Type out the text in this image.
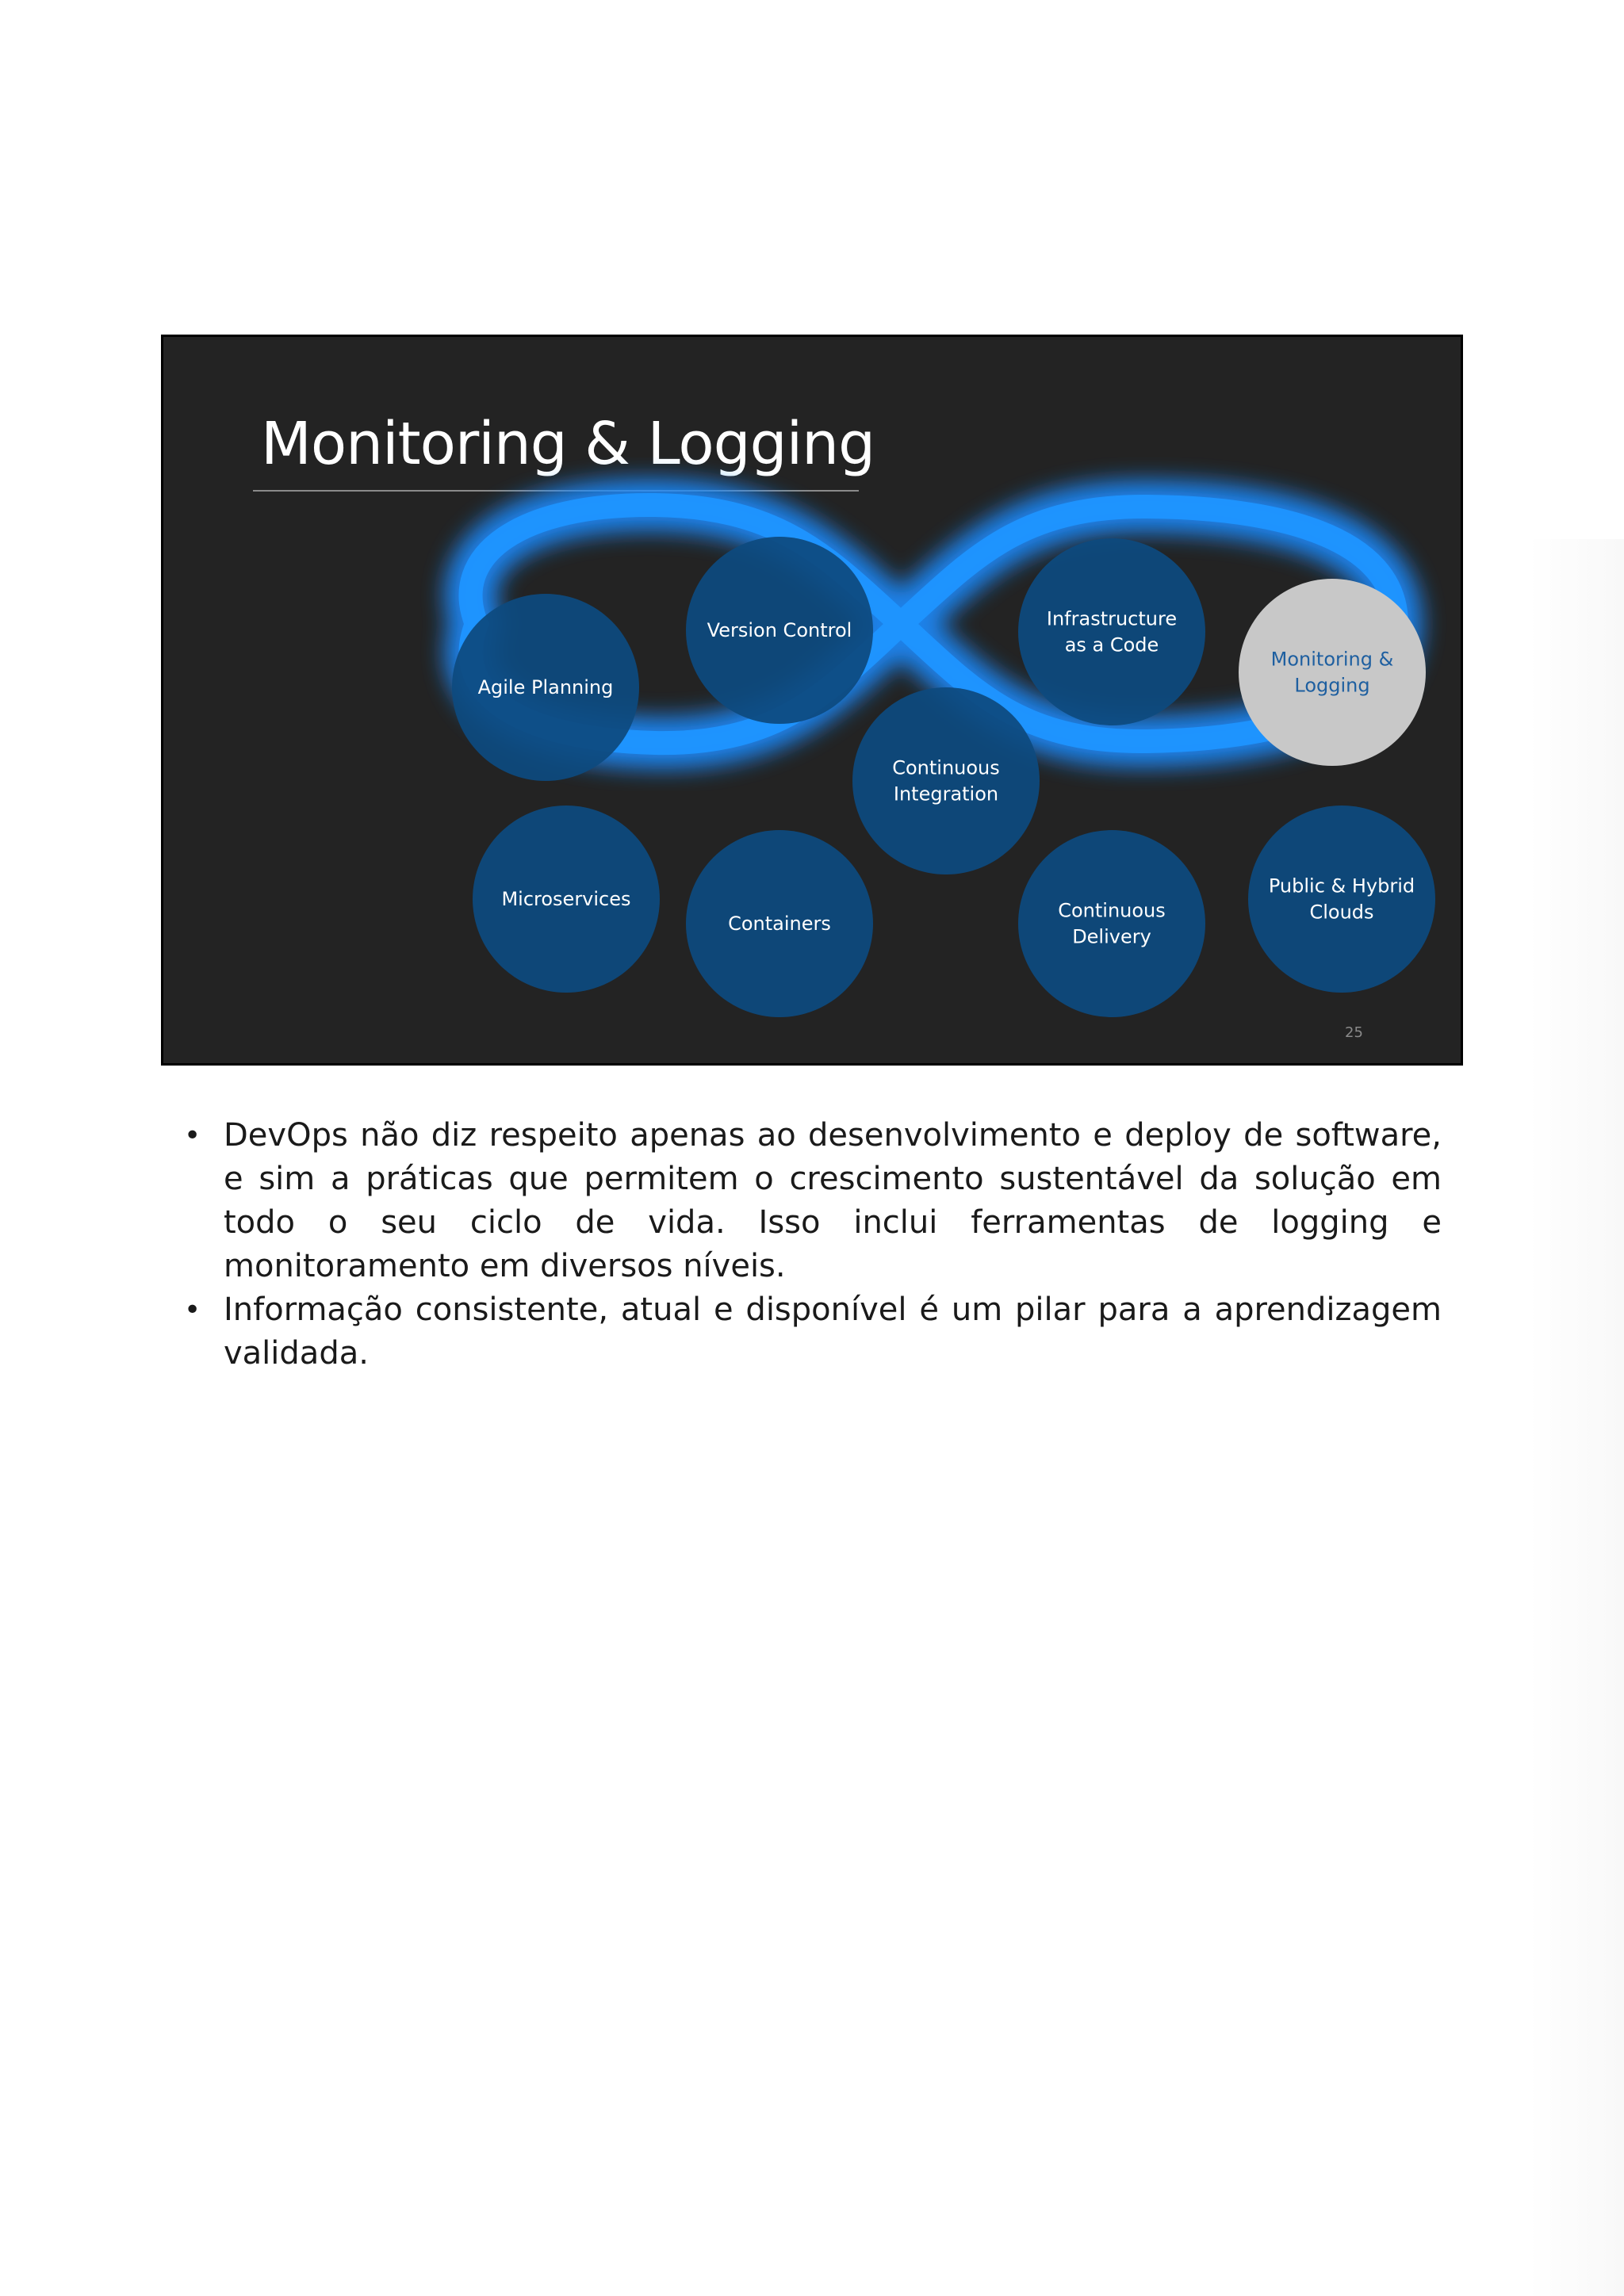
Monitoring & Logging
Agile Planning
Version Control
Continuous
Integration
Infrastructure
as a Code
Monitoring &
Logging
Microservices
Containers
Continuous
Delivery
Public & Hybrid
Clouds
25
• DevOps não diz respeito apenas ao desenvolvimento e deploy de software, e sim a práticas que permitem o crescimento sustentável da solução em todo o seu ciclo de vida. Isso inclui ferramentas de logging e monitoramento em diversos níveis.
• Informação consistente, atual e disponível é um pilar para a aprendizagem validada.
